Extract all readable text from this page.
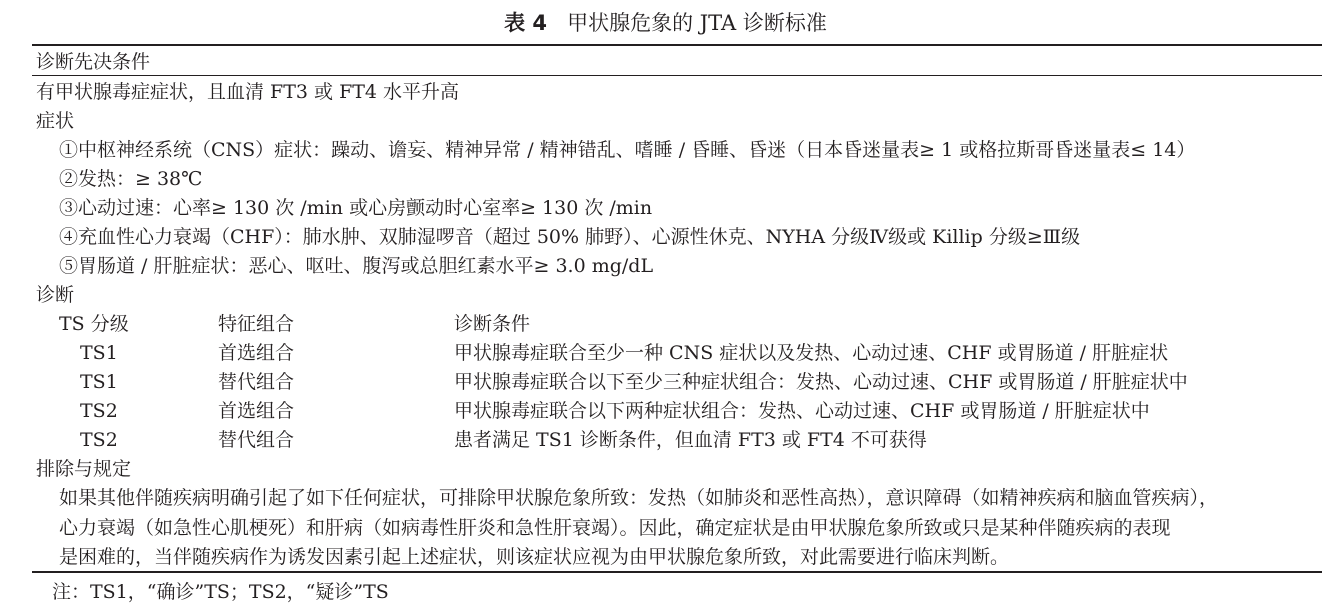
表 4 甲状腺危象的 JTA 诊断标准
诊断先决条件
有甲状腺毒症症状，且血清 FT3 或 FT4 水平升高
症状
①中枢神经系统（CNS）症状：躁动、谵妄、精神异常 / 精神错乱、嗜睡 / 昏睡、昏迷（日本昏迷量表≥ 1 或格拉斯哥昏迷量表≤ 14）
②发热：≥ 38℃
③心动过速：心率≥ 130 次 /min 或心房颤动时心室率≥ 130 次 /min
④充血性心力衰竭（CHF）：肺水肿、双肺湿啰音（超过 50% 肺野）、心源性休克、NYHA 分级Ⅳ级或 Killip 分级≥Ⅲ级
⑤胃肠道 / 肝脏症状：恶心、呕吐、腹泻或总胆红素水平≥ 3.0 mg/dL
诊断
TS 分级	特征组合	诊断条件
TS1	首选组合	甲状腺毒症联合至少一种 CNS 症状以及发热、心动过速、CHF 或胃肠道 / 肝脏症状
TS1	替代组合	甲状腺毒症联合以下至少三种症状组合：发热、心动过速、CHF 或胃肠道 / 肝脏症状中
TS2	首选组合	甲状腺毒症联合以下两种症状组合：发热、心动过速、CHF 或胃肠道 / 肝脏症状中
TS2	替代组合	患者满足 TS1 诊断条件，但血清 FT3 或 FT4 不可获得
排除与规定
如果其他伴随疾病明确引起了如下任何症状，可排除甲状腺危象所致：发热（如肺炎和恶性高热），意识障碍（如精神疾病和脑血管疾病），
心力衰竭（如急性心肌梗死）和肝病（如病毒性肝炎和急性肝衰竭）。因此，确定症状是由甲状腺危象所致或只是某种伴随疾病的表现
是困难的，当伴随疾病作为诱发因素引起上述症状，则该症状应视为由甲状腺危象所致，对此需要进行临床判断。
注：TS1，“确诊”TS；TS2，“疑诊”TS
